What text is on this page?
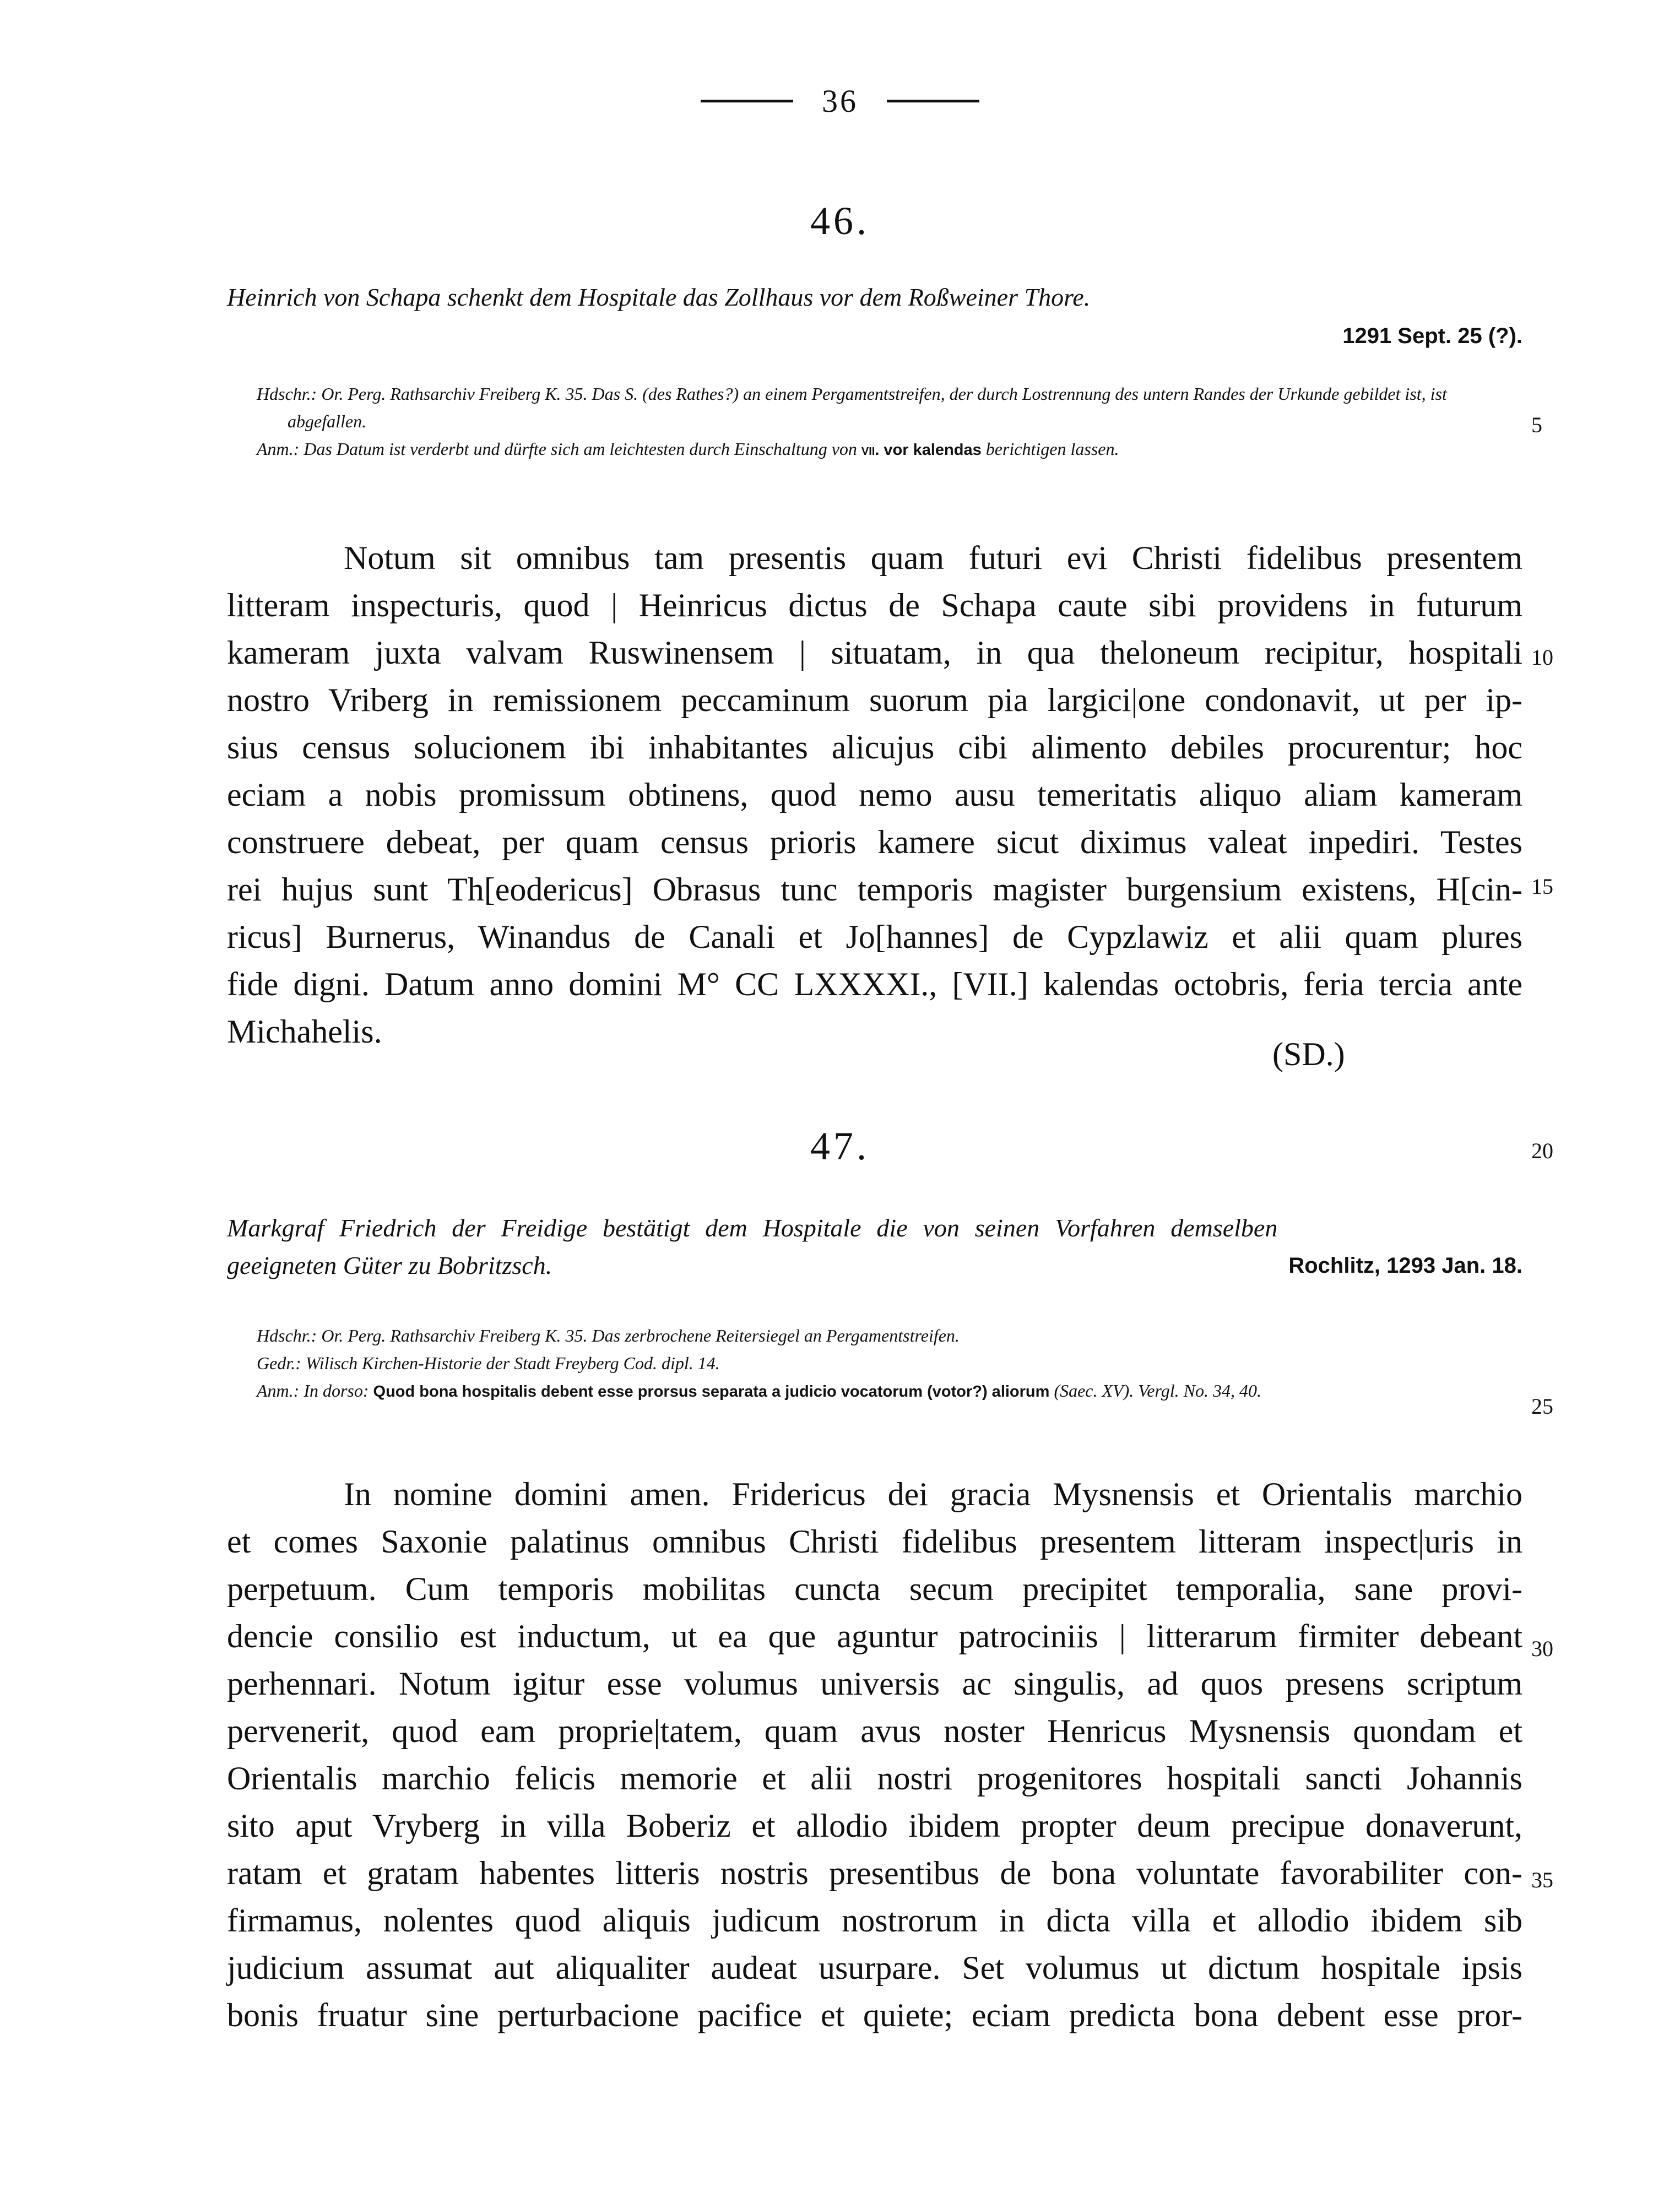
36
46.
Heinrich von Schapa schenkt dem Hospitale das Zollhaus vor dem Roßweiner Thore.
1291 Sept. 25 (?).

Hdschr.: Or. Perg. Rathsarchiv Freiberg K. 35. Das S. (des Rathes?) an einem Pergamentstreifen, der durch Lostrennung des untern Randes der Urkunde gebildet ist, ist abgefallen.

Anm.: Das Datum ist verderbt und dürfte sich am leichtesten durch Einschaltung von vii. vor kalendas berichtigen lassen.

Notum sit omnibus tam presentis quam futuri evi Christi fidelibus presentem
litteram inspecturis, quod | Heinricus dictus de Schapa caute sibi providens in futurum
kameram juxta valvam Ruswinensem | situatam, in qua theloneum recipitur, hospitali
nostro Vriberg in remissionem peccaminum suorum pia largici|one condonavit, ut per ip-
sius census solucionem ibi inhabitantes alicujus cibi alimento debiles procurentur; hoc
eciam a nobis promissum obtinens, quod nemo ausu temeritatis aliquo aliam kameram
construere debeat, per quam census prioris kamere sicut diximus valeat inpediri. Testes
rei hujus sunt Th[eodericus] Obrasus tunc temporis magister burgensium existens, H[cin-
ricus] Burnerus, Winandus de Canali et Jo[hannes] de Cypzlawiz et alii quam plures
fide digni. Datum anno domini M° CC LXXXXI., [VII.] kalendas octobris, feria tercia ante
Michahelis.
(SD.)
47.
Rochlitz, 1293 Jan. 18.
Markgraf Friedrich der Freidige bestätigt dem Hospitale die von seinen Vorfahren demselben geeigneten Güter zu Bobritzsch.

Hdschr.: Or. Perg. Rathsarchiv Freiberg K. 35. Das zerbrochene Reitersiegel an Pergamentstreifen.

Gedr.: Wilisch Kirchen-Historie der Stadt Freyberg Cod. dipl. 14.

Anm.: In dorso: Quod bona hospitalis debent esse prorsus separata a judicio vocatorum (votor?) aliorum (Saec. XV). Vergl. No. 34, 40.

In nomine domini amen. Fridericus dei gracia Mysnensis et Orientalis marchio
et comes Saxonie palatinus omnibus Christi fidelibus presentem litteram inspect|uris in
perpetuum. Cum temporis mobilitas cuncta secum precipitet temporalia, sane provi-
dencie consilio est inductum, ut ea que aguntur patrociniis | litterarum firmiter debeant
perhennari. Notum igitur esse volumus universis ac singulis, ad quos presens scriptum
pervenerit, quod eam proprie|tatem, quam avus noster Henricus Mysnensis quondam et
Orientalis marchio felicis memorie et alii nostri progenitores hospitali sancti Johannis
sito aput Vryberg in villa Boberiz et allodio ibidem propter deum precipue donaverunt,
ratam et gratam habentes litteris nostris presentibus de bona voluntate favorabiliter con-
firmamus, nolentes quod aliquis judicum nostrorum in dicta villa et allodio ibidem sib
judicium assumat aut aliqualiter audeat usurpare. Set volumus ut dictum hospitale ipsis
bonis fruatur sine perturbacione pacifice et quiete; eciam predicta bona debent esse pror-
5
10
15
20
25
30
35
